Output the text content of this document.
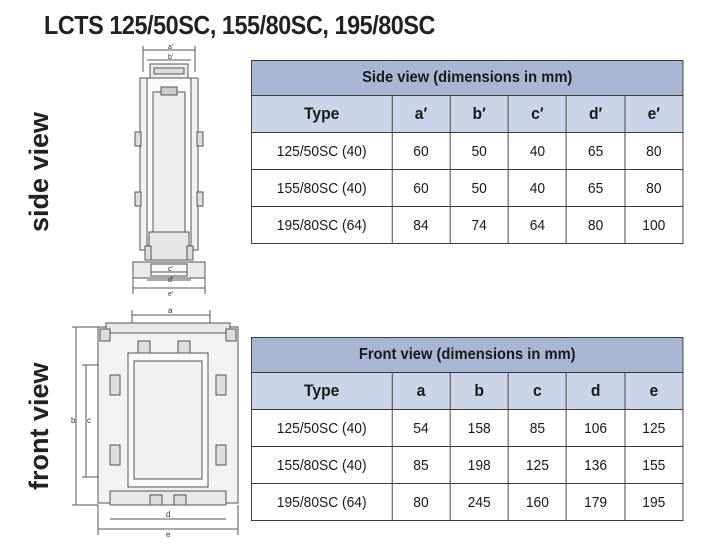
LCTS 125/50SC, 155/80SC, 195/80SC
side view
front view
a'
b'
c'
d'
e'
a
b c
d
e
Side view (dimensions in mm)					
Type	a′	b′	c′	d′	e′
125/50SC (40)	60	50	40	65	80
155/80SC (40)	60	50	40	65	80
195/80SC (64)	84	74	64	80	100
Front view (dimensions in mm)					
Type	a	b	c	d	e
125/50SC (40)	54	158	85	106	125
155/80SC (40)	85	198	125	136	155
195/80SC (64)	80	245	160	179	195
